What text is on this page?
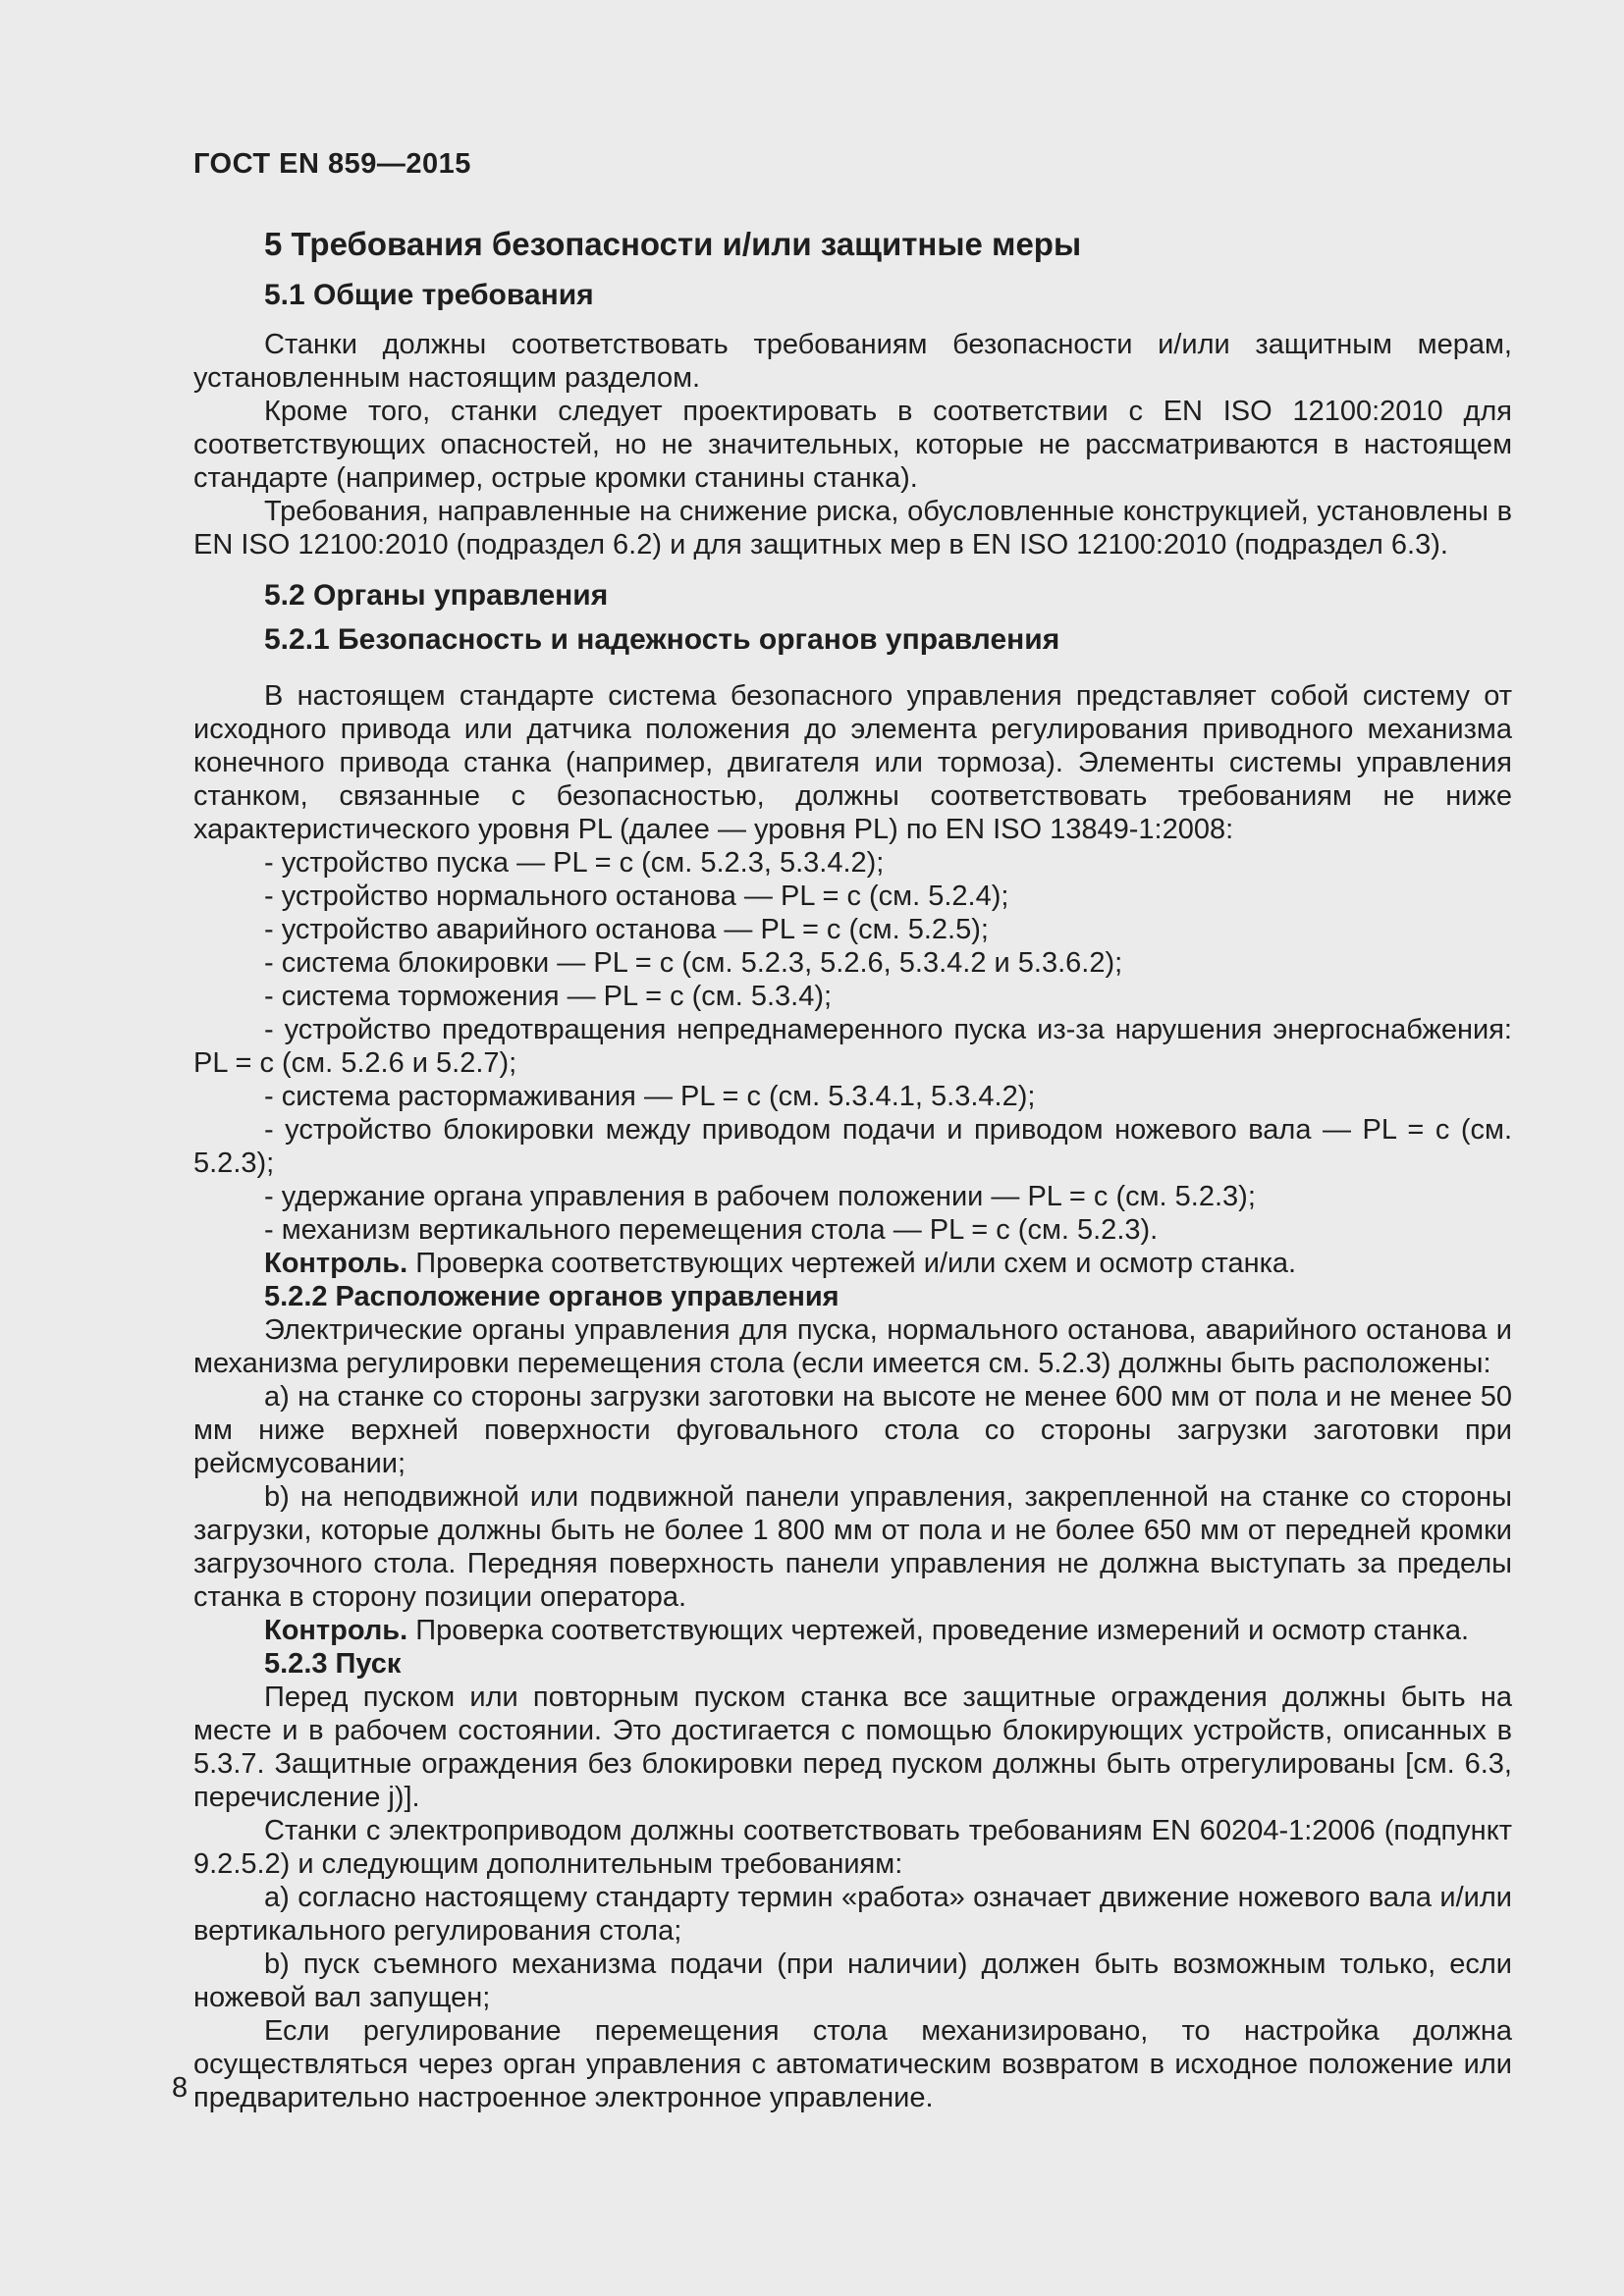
ГОСТ EN 859—2015
5 Требования безопасности и/или защитные меры
5.1 Общие требования

Станки должны соответствовать требованиям безопасности и/или защитным мерам, установленным настоящим разделом.

Кроме того, станки следует проектировать в соответствии с EN ISO 12100:2010 для соответствующих опасностей, но не значительных, которые не рассматриваются в настоящем стандарте (например, острые кромки станины станка).

Требования, направленные на снижение риска, обусловленные конструкцией, установлены в EN ISO 12100:2010 (подраздел 6.2) и для защитных мер в EN ISO 12100:2010 (подраздел 6.3).

5.2 Органы управления
5.2.1 Безопасность и надежность органов управления

В настоящем стандарте система безопасного управления представляет собой систему от исходного привода или датчика положения до элемента регулирования приводного механизма конечного привода станка (например, двигателя или тормоза). Элементы системы управления станком, связанные с безопасностью, должны соответствовать требованиям не ниже характеристического уровня PL (далее — уровня PL) по EN ISO 13849-1:2008:

- устройство пуска — PL = c (см. 5.2.3, 5.3.4.2);

- устройство нормального останова — PL = c (см. 5.2.4);

- устройство аварийного останова — PL = c (см. 5.2.5);

- система блокировки — PL = c (см. 5.2.3, 5.2.6, 5.3.4.2 и 5.3.6.2);

- система торможения — PL = c (см. 5.3.4);

- устройство предотвращения непреднамеренного пуска из-за нарушения энергоснабжения: PL = c (см. 5.2.6 и 5.2.7);

- система растормаживания — PL = c (см. 5.3.4.1, 5.3.4.2);

- устройство блокировки между приводом подачи и приводом ножевого вала — PL = c (см. 5.2.3);

- удержание органа управления в рабочем положении — PL = c (см. 5.2.3);

- механизм вертикального перемещения стола — PL = c (см. 5.2.3).

Контроль. Проверка соответствующих чертежей и/или схем и осмотр станка.

5.2.2 Расположение органов управления

Электрические органы управления для пуска, нормального останова, аварийного останова и механизма регулировки перемещения стола (если имеется см. 5.2.3) должны быть расположены:

a) на станке со стороны загрузки заготовки на высоте не менее 600 мм от пола и не менее 50 мм ниже верхней поверхности фуговального стола со стороны загрузки заготовки при рейсмусовании;

b) на неподвижной или подвижной панели управления, закрепленной на станке со стороны загрузки, которые должны быть не более 1 800 мм от пола и не более 650 мм от передней кромки загрузочного стола. Передняя поверхность панели управления не должна выступать за пределы станка в сторону позиции оператора.

Контроль. Проверка соответствующих чертежей, проведение измерений и осмотр станка.

5.2.3 Пуск

Перед пуском или повторным пуском станка все защитные ограждения должны быть на месте и в рабочем состоянии. Это достигается с помощью блокирующих устройств, описанных в 5.3.7. Защитные ограждения без блокировки перед пуском должны быть отрегулированы [см. 6.3, перечисление j)].

Станки с электроприводом должны соответствовать требованиям EN 60204-1:2006 (подпункт 9.2.5.2) и следующим дополнительным требованиям:

a) согласно настоящему стандарту термин «работа» означает движение ножевого вала и/или вертикального регулирования стола;

b) пуск съемного механизма подачи (при наличии) должен быть возможным только, если ножевой вал запущен;

Если регулирование перемещения стола механизировано, то настройка должна осуществляться через орган управления с автоматическим возвратом в исходное положение или предварительно настроенное электронное управление.

8
